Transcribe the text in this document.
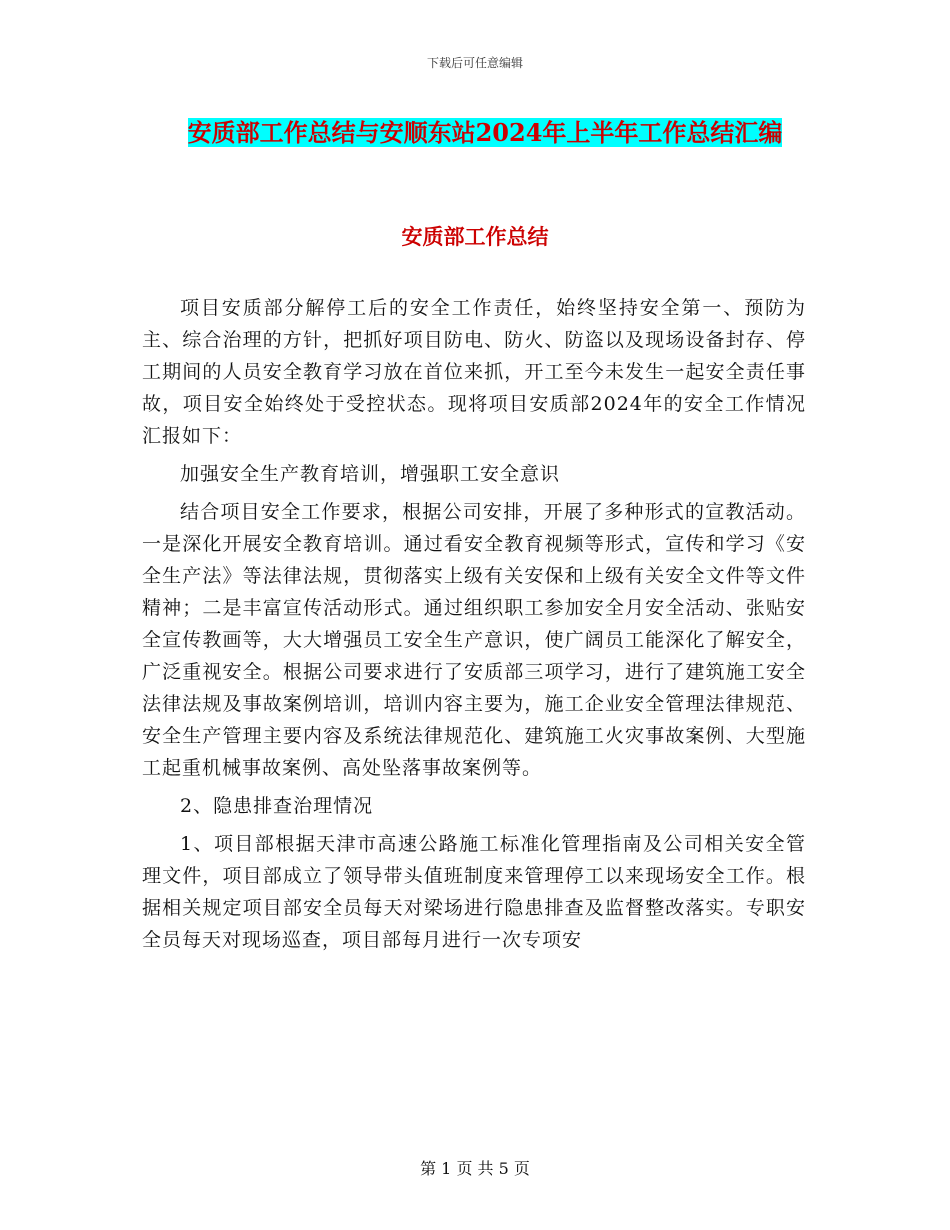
下载后可任意编辑
安质部工作总结与安顺东站2024年上半年工作总结汇编
安质部工作总结

项目安质部分解停工后的安全工作责任，始终坚持安全第一、预防为主、综合治理的方针，把抓好项目防电、防火、防盗以及现场设备封存、停工期间的人员安全教育学习放在首位来抓，开工至今未发生一起安全责任事故，项目安全始终处于受控状态。现将项目安质部2024年的安全工作情况汇报如下：

加强安全生产教育培训，增强职工安全意识

结合项目安全工作要求，根据公司安排，开展了多种形式的宣教活动。一是深化开展安全教育培训。通过看安全教育视频等形式，宣传和学习《安全生产法》等法律法规，贯彻落实上级有关安保和上级有关安全文件等文件精神；二是丰富宣传活动形式。通过组织职工参加安全月安全活动、张贴安全宣传教画等，大大增强员工安全生产意识，使广阔员工能深化了解安全，广泛重视安全。根据公司要求进行了安质部三项学习，进行了建筑施工安全法律法规及事故案例培训，培训内容主要为，施工企业安全管理法律规范、安全生产管理主要内容及系统法律规范化、建筑施工火灾事故案例、大型施工起重机械事故案例、高处坠落事故案例等。

2、隐患排查治理情况

1、项目部根据天津市高速公路施工标准化管理指南及公司相关安全管理文件，项目部成立了领导带头值班制度来管理停工以来现场安全工作。根据相关规定项目部安全员每天对梁场进行隐患排查及监督整改落实。专职安全员每天对现场巡查，项目部每月进行一次专项安

第 1 页 共 5 页
